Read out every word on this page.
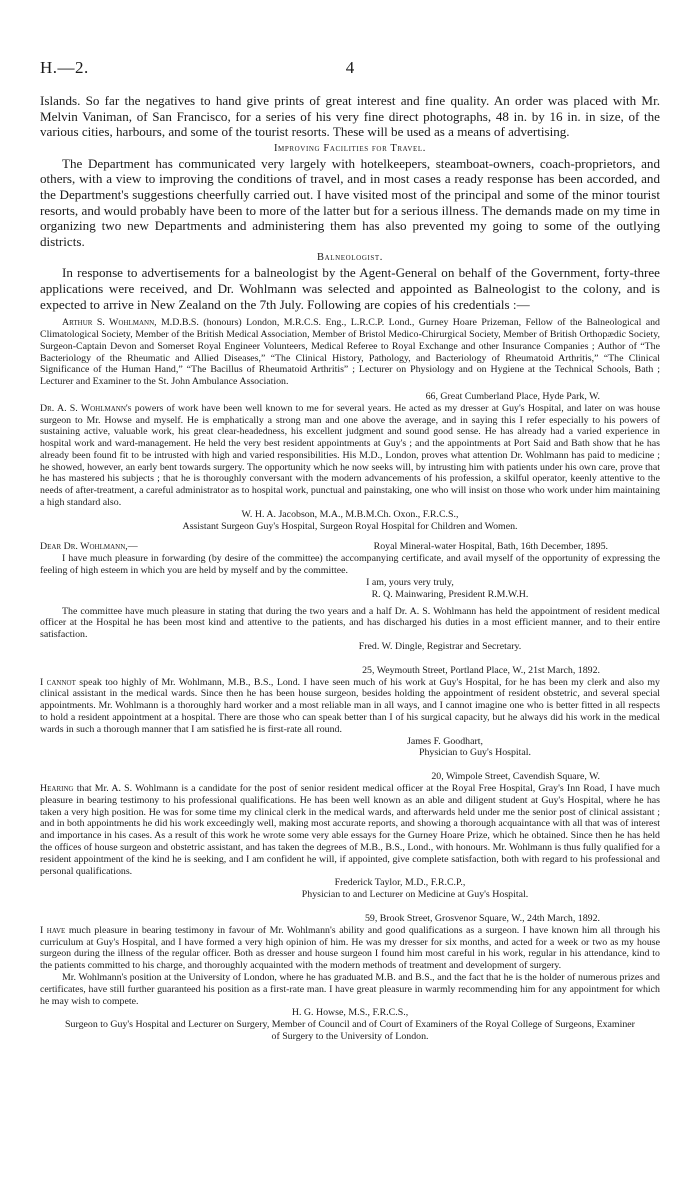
H.—2.	4

Islands. So far the negatives to hand give prints of great interest and fine quality. An order was placed with Mr. Melvin Vaniman, of San Francisco, for a series of his very fine direct photographs, 48 in. by 16 in. in size, of the various cities, harbours, and some of the tourist resorts. These will be used as a means of advertising.

Improving Facilities for Travel.

The Department has communicated very largely with hotelkeepers, steamboat-owners, coach-proprietors, and others, with a view to improving the conditions of travel, and in most cases a ready response has been accorded, and the Department's suggestions cheerfully carried out. I have visited most of the principal and some of the minor tourist resorts, and would probably have been to more of the latter but for a serious illness. The demands made on my time in organizing two new Departments and administering them has also prevented my going to some of the outlying districts.

Balneologist.

In response to advertisements for a balneologist by the Agent-General on behalf of the Government, forty-three applications were received, and Dr. Wohlmann was selected and appointed as Balneologist to the colony, and is expected to arrive in New Zealand on the 7th July. Following are copies of his credentials :—

Arthur S. Wohlmann, M.D.B.S. (honours) London, M.R.C.S. Eng., L.R.C.P. Lond., Gurney Hoare Prizeman, Fellow of the Balneological and Climatological Society, Member of the British Medical Association, Member of Bristol Medico-Chirurgical Society, Member of British Orthopædic Society, Surgeon-Captain Devon and Somerset Royal Engineer Volunteers, Medical Referee to Royal Exchange and other Insurance Companies ; Author of “The Bacteriology of the Rheumatic and Allied Diseases,” “The Clinical History, Pathology, and Bacteriology of Rheumatoid Arthritis,” “The Clinical Significance of the Human Hand,” “The Bacillus of Rheumatoid Arthritis” ; Lecturer on Physiology and on Hygiene at the Technical Schools, Bath ; Lecturer and Examiner to the St. John Ambulance Association.

66, Great Cumberland Place, Hyde Park, W.

Dr. A. S. Wohlmann's powers of work have been well known to me for several years. He acted as my dresser at Guy's Hospital, and later on was house surgeon to Mr. Howse and myself. He is emphatically a strong man and one above the average, and in saying this I refer especially to his powers of sustaining active, valuable work, his great clear-headedness, his excellent judgment and sound good sense. He has already had a varied experience in hospital work and ward-management. He held the very best resident appointments at Guy's ; and the appointments at Port Said and Bath show that he has already been found fit to be intrusted with high and varied responsibilities. His M.D., London, proves what attention Dr. Wohlmann has paid to medicine ; he showed, however, an early bent towards surgery. The opportunity which he now seeks will, by intrusting him with patients under his own care, prove that he has mastered his subjects ; that he is thoroughly conversant with the modern advancements of his profession, a skilful operator, keenly attentive to the needs of after-treatment, a careful administrator as to hospital work, punctual and painstaking, one who will insist on those who work under him maintaining a high standard also.

W. H. A. Jacobson, M.A., M.B.M.Ch. Oxon., F.R.C.S.,
Assistant Surgeon Guy's Hospital, Surgeon Royal Hospital for Children and Women.
Dear Dr. Wohlmann,—	Royal Mineral-water Hospital, Bath, 16th December, 1895.

I have much pleasure in forwarding (by desire of the committee) the accompanying certificate, and avail myself of the opportunity of expressing the feeling of high esteem in which you are held by myself and by the committee.

I am, yours very truly,
R. Q. Mainwaring, President R.M.W.H.

The committee have much pleasure in stating that during the two years and a half Dr. A. S. Wohlmann has held the appointment of resident medical officer at the Hospital he has been most kind and attentive to the patients, and has discharged his duties in a most efficient manner, and to their entire satisfaction.

Fred. W. Dingle, Registrar and Secretary.
25, Weymouth Street, Portland Place, W., 21st March, 1892.

I cannot speak too highly of Mr. Wohlmann, M.B., B.S., Lond. I have seen much of his work at Guy's Hospital, for he has been my clerk and also my clinical assistant in the medical wards. Since then he has been house surgeon, besides holding the appointment of resident obstetric, and several special appointments. Mr. Wohlmann is a thoroughly hard worker and a most reliable man in all ways, and I cannot imagine one who is better fitted in all respects to hold a resident appointment at a hospital. There are those who can speak better than I of his surgical capacity, but he always did his work in the medical wards in such a thorough manner that I am satisfied he is first-rate all round.

James F. Goodhart,
Physician to Guy's Hospital.
20, Wimpole Street, Cavendish Square, W.

Hearing that Mr. A. S. Wohlmann is a candidate for the post of senior resident medical officer at the Royal Free Hospital, Gray's Inn Road, I have much pleasure in bearing testimony to his professional qualifications. He has been well known as an able and diligent student at Guy's Hospital, where he has taken a very high position. He was for some time my clinical clerk in the medical wards, and afterwards held under me the senior post of clinical assistant ; and in both appointments he did his work exceedingly well, making most accurate reports, and showing a thorough acquaintance with all that was of interest and importance in his cases. As a result of this work he wrote some very able essays for the Gurney Hoare Prize, which he obtained. Since then he has held the offices of house surgeon and obstetric assistant, and has taken the degrees of M.B., B.S., Lond., with honours. Mr. Wohlmann is thus fully qualified for a resident appointment of the kind he is seeking, and I am confident he will, if appointed, give complete satisfaction, both with regard to his professional and personal qualifications.

Frederick Taylor, M.D., F.R.C.P.,
Physician to and Lecturer on Medicine at Guy's Hospital.
59, Brook Street, Grosvenor Square, W., 24th March, 1892.

I have much pleasure in bearing testimony in favour of Mr. Wohlmann's ability and good qualifications as a surgeon. I have known him all through his curriculum at Guy's Hospital, and I have formed a very high opinion of him. He was my dresser for six months, and acted for a week or two as my house surgeon during the illness of the regular officer. Both as dresser and house surgeon I found him most careful in his work, regular in his attendance, kind to the patients committed to his charge, and thoroughly acquainted with the modern methods of treatment and development of surgery.

Mr. Wohlmann's position at the University of London, where he has graduated M.B. and B.S., and the fact that he is the holder of numerous prizes and certificates, have still further guaranteed his position as a first-rate man. I have great pleasure in warmly recommending him for any appointment for which he may wish to compete.

H. G. Howse, M.S., F.R.C.S.,
Surgeon to Guy's Hospital and Lecturer on Surgery, Member of Council and of Court of Examiners of the Royal College of Surgeons, Examiner of Surgery to the University of London.
